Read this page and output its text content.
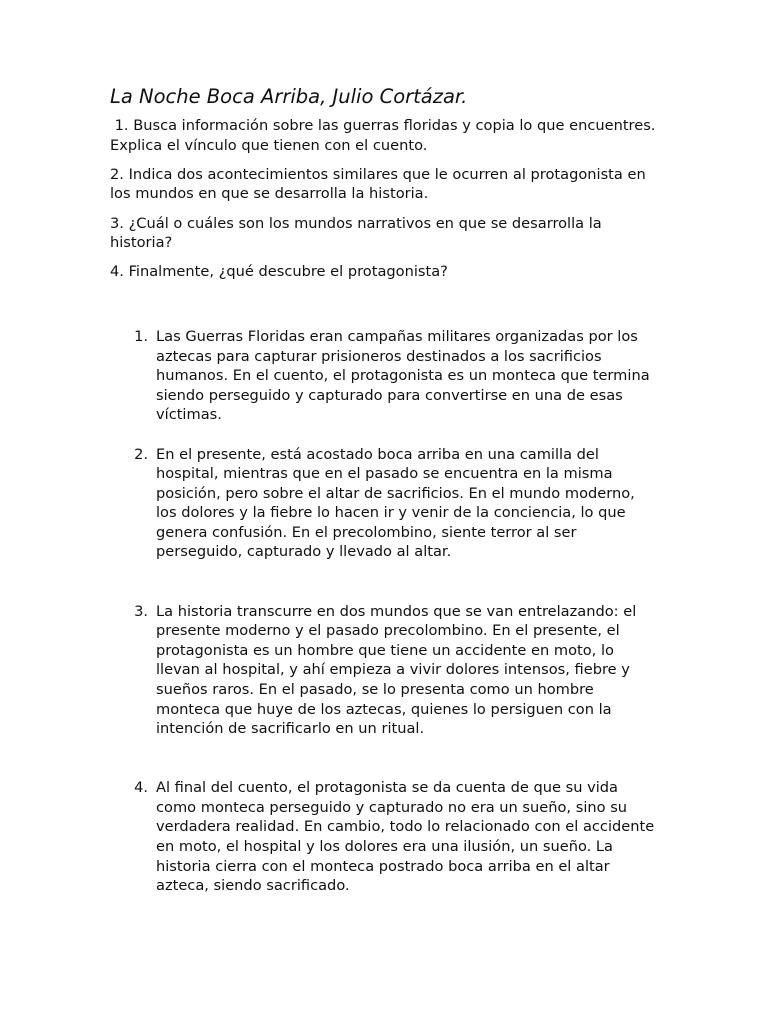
La Noche Boca Arriba, Julio Cortázar.

1. Busca información sobre las guerras floridas y copia lo que encuentres. Explica el vínculo que tienen con el cuento.

2. Indica dos acontecimientos similares que le ocurren al protagonista en los mundos en que se desarrolla la historia.

3. ¿Cuál o cuáles son los mundos narrativos en que se desarrolla la historia?

4. Finalmente, ¿qué descubre el protagonista?

1. Las Guerras Floridas eran campañas militares organizadas por los aztecas para capturar prisioneros destinados a los sacrificios humanos. En el cuento, el protagonista es un monteca que termina siendo perseguido y capturado para convertirse en una de esas víctimas.
2. En el presente, está acostado boca arriba en una camilla del hospital, mientras que en el pasado se encuentra en la misma posición, pero sobre el altar de sacrificios. En el mundo moderno, los dolores y la fiebre lo hacen ir y venir de la conciencia, lo que genera confusión. En el precolombino, siente terror al ser perseguido, capturado y llevado al altar.
3. La historia transcurre en dos mundos que se van entrelazando: el presente moderno y el pasado precolombino. En el presente, el protagonista es un hombre que tiene un accidente en moto, lo llevan al hospital, y ahí empieza a vivir dolores intensos, fiebre y sueños raros. En el pasado, se lo presenta como un hombre monteca que huye de los aztecas, quienes lo persiguen con la intención de sacrificarlo en un ritual.
4. Al final del cuento, el protagonista se da cuenta de que su vida como monteca perseguido y capturado no era un sueño, sino su verdadera realidad. En cambio, todo lo relacionado con el accidente en moto, el hospital y los dolores era una ilusión, un sueño. La historia cierra con el monteca postrado boca arriba en el altar azteca, siendo sacrificado.
